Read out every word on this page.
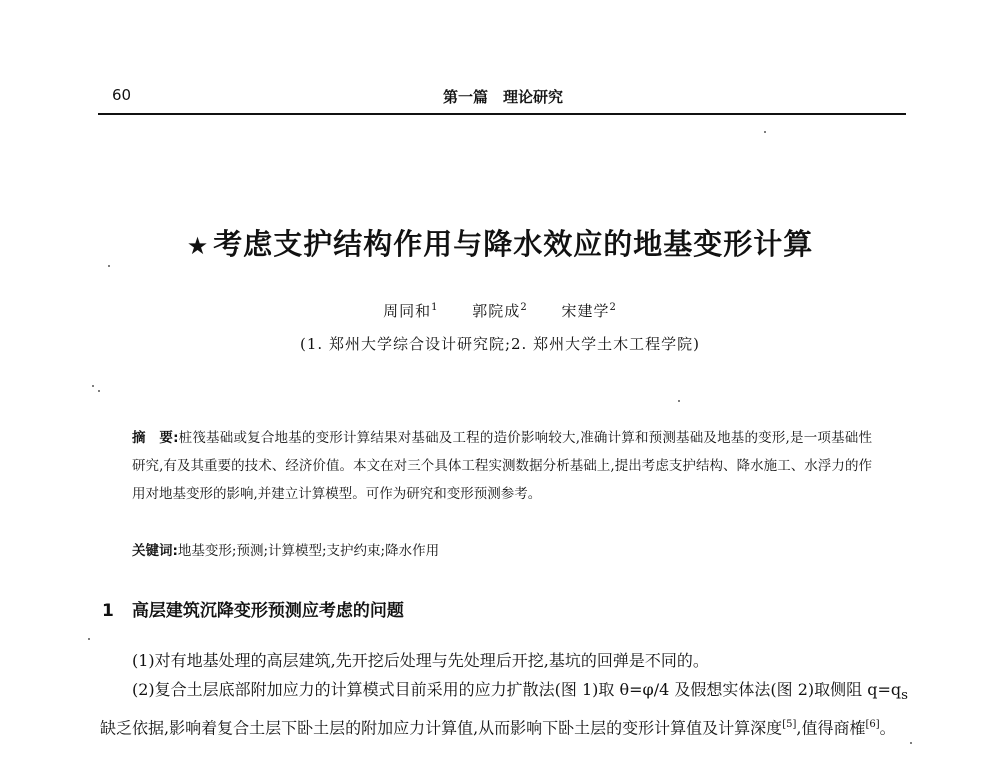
60	第一篇　理论研究
★ 考虑支护结构作用与降水效应的地基变形计算
周同和$^1$ 郭院成$^2$ 宋建学$^2$
(1. 郑州大学综合设计研究院;2. 郑州大学土木工程学院)
摘　要:桩筏基础或复合地基的变形计算结果对基础及工程的造价影响较大,准确计算和预测基础及地基的变形,是一项基础性研究,有及其重要的技术、经济价值。本文在对三个具体工程实测数据分析基础上,提出考虑支护结构、降水施工、水浮力的作用对地基变形的影响,并建立计算模型。可作为研究和变形预测参考。
关键词:地基变形;预测;计算模型;支护约束;降水作用
1 高层建筑沉降变形预测应考虑的问题

(1)对有地基处理的高层建筑,先开挖后处理与先处理后开挖,基坑的回弹是不同的。

(2)复合土层底部附加应力的计算模式目前采用的应力扩散法(图 1)取 θ=φ/4 及假想实体法(图 2)取侧阻 $q=q_s$ 缺乏依据,影响着复合土层下卧土层的附加应力计算值,从而影响下卧土层的变形计算值及计算深度[5],值得商榷[6]。
